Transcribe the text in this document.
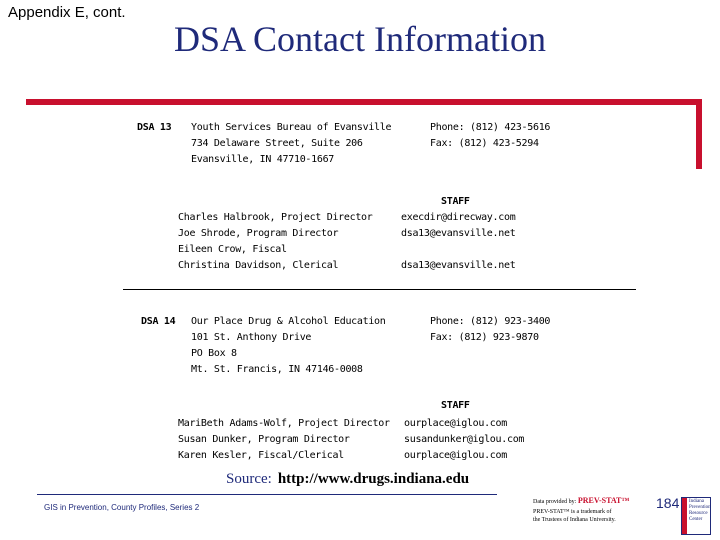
Appendix E, cont.
DSA Contact Information
DSA 13 Youth Services Bureau of Evansville
734 Delaware Street, Suite 206
Evansville, IN 47710-1667
Phone: (812) 423-5616
Fax: (812) 423-5294
STAFF
Charles Halbrook, Project Director	execdir@direcway.com
Joe Shrode, Program Director	dsa13@evansville.net
Eileen Crow, Fiscal
Christina Davidson, Clerical	dsa13@evansville.net
DSA 14 Our Place Drug & Alcohol Education
101 St. Anthony Drive
PO Box 8
Mt. St. Francis, IN 47146-0008
Phone: (812) 923-3400
Fax: (812) 923-9870
STAFF
MariBeth Adams-Wolf, Project Director ourplace@iglou.com
Susan Dunker, Program Director	susandunker@iglou.com
Karen Kesler, Fiscal/Clerical	ourplace@iglou.com
Source: http://www.drugs.indiana.edu
GIS in Prevention, County Profiles, Series 2
Data provided by: PREV-STAT™
PREV-STAT™ is a trademark of
the Trustees of Indiana University.
184 Indiana Prevention Resource Center
